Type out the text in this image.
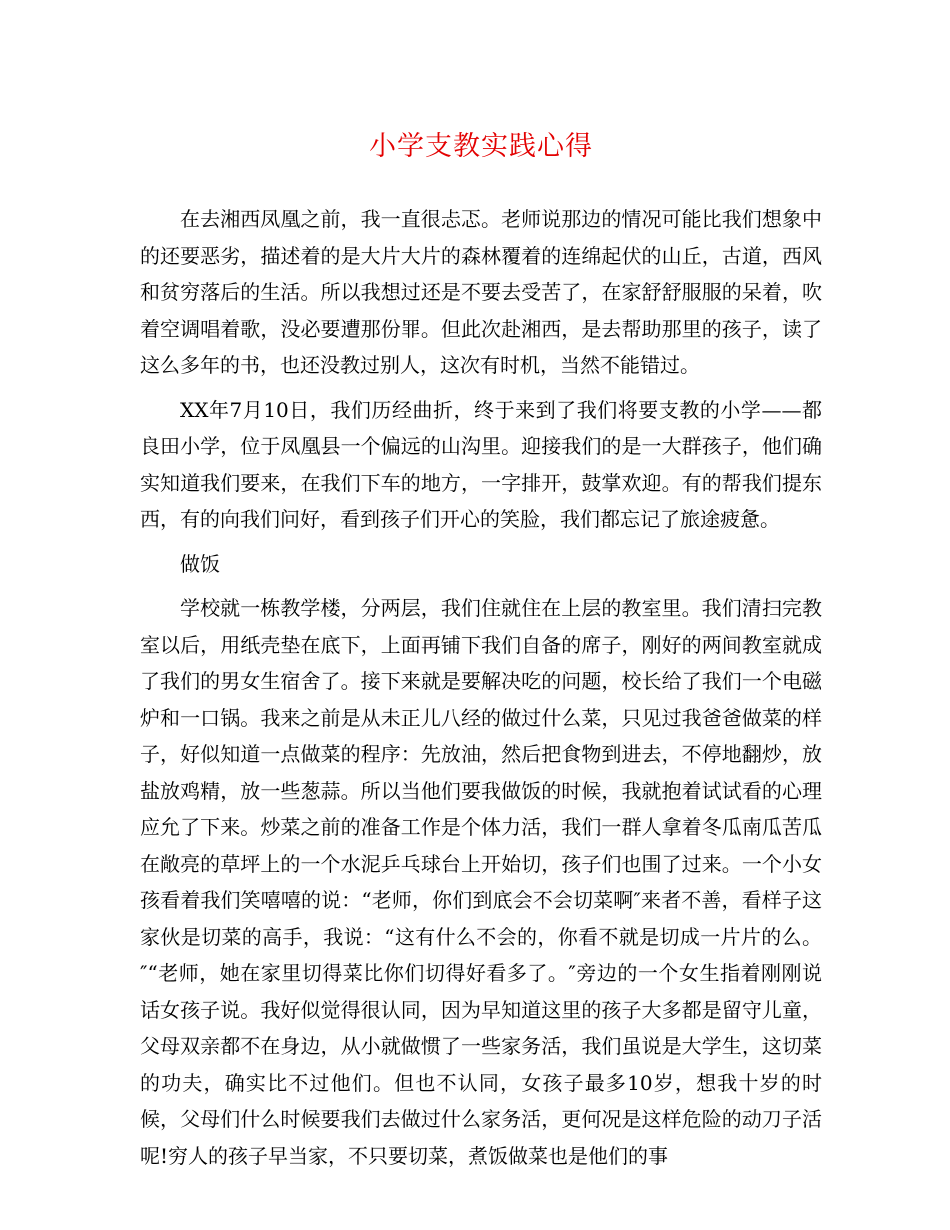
小学支教实践心得

在去湘西凤凰之前，我一直很忐忑。老师说那边的情况可能比我们想象中的还要恶劣，描述着的是大片大片的森林覆着的连绵起伏的山丘，古道，西风和贫穷落后的生活。所以我想过还是不要去受苦了，在家舒舒服服的呆着，吹着空调唱着歌，没必要遭那份罪。但此次赴湘西，是去帮助那里的孩子，读了这么多年的书，也还没教过别人，这次有时机，当然不能错过。

XX年7月10日，我们历经曲折，终于来到了我们将要支教的小学——都良田小学，位于凤凰县一个偏远的山沟里。迎接我们的是一大群孩子，他们确实知道我们要来，在我们下车的地方，一字排开，鼓掌欢迎。有的帮我们提东西，有的向我们问好，看到孩子们开心的笑脸，我们都忘记了旅途疲惫。

做饭

学校就一栋教学楼，分两层，我们住就住在上层的教室里。我们清扫完教室以后，用纸壳垫在底下，上面再铺下我们自备的席子，刚好的两间教室就成了我们的男女生宿舍了。接下来就是要解决吃的问题，校长给了我们一个电磁炉和一口锅。我来之前是从未正儿八经的做过什么菜，只见过我爸爸做菜的样子，好似知道一点做菜的程序：先放油，然后把食物到进去，不停地翻炒，放盐放鸡精，放一些葱蒜。所以当他们要我做饭的时候，我就抱着试试看的心理应允了下来。炒菜之前的准备工作是个体力活，我们一群人拿着冬瓜南瓜苦瓜在敞亮的草坪上的一个水泥乒乓球台上开始切，孩子们也围了过来。一个小女孩看着我们笑嘻嘻的说：“老师，你们到底会不会切菜啊″来者不善，看样子这家伙是切菜的高手，我说：“这有什么不会的，你看不就是切成一片片的么。″“老师，她在家里切得菜比你们切得好看多了。″旁边的一个女生指着刚刚说话女孩子说。我好似觉得很认同，因为早知道这里的孩子大多都是留守儿童，父母双亲都不在身边，从小就做惯了一些家务活，我们虽说是大学生，这切菜的功夫，确实比不过他们。但也不认同，女孩子最多10岁，想我十岁的时候，父母们什么时候要我们去做过什么家务活，更何况是这样危险的动刀子活呢!穷人的孩子早当家，不只要切菜，煮饭做菜也是他们的事
